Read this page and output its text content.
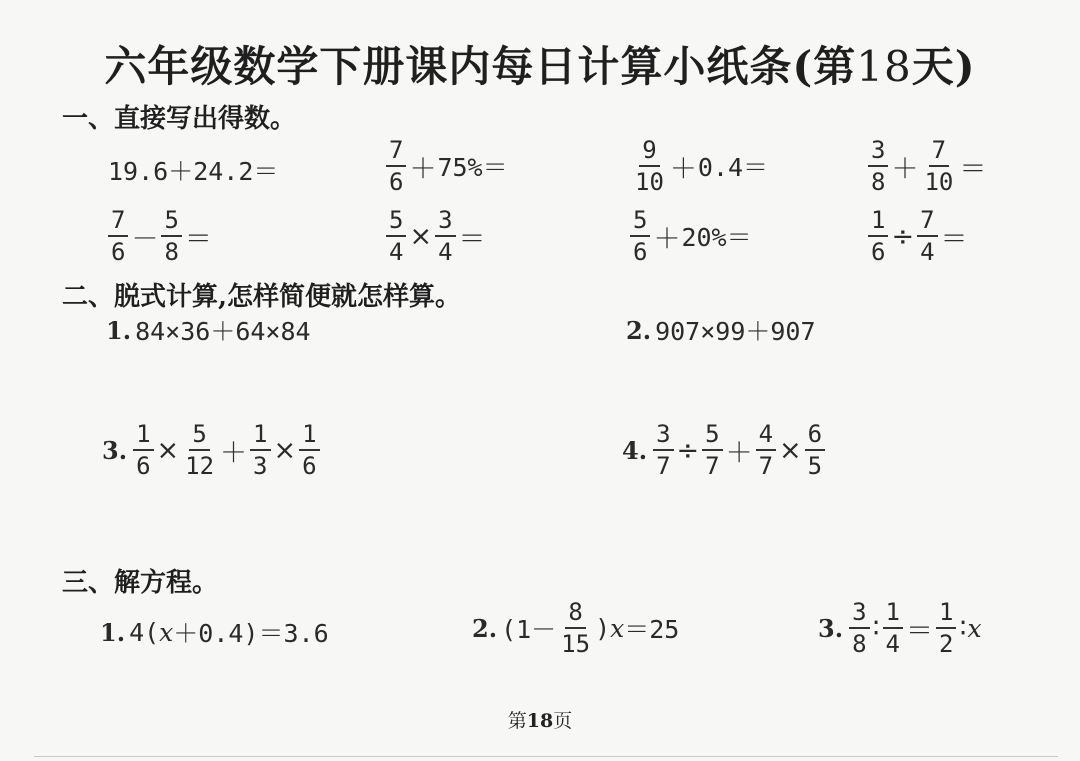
六年级数学下册课内每日计算小纸条(第18天)
一、直接写出得数。
19.6＋24.2＝	$\frac{7}{6} + 75\%=$	$\frac{9}{10} + 0.4=$	$\frac{3}{8} + \frac{7}{10}$ ＝
$\frac{7}{6} - \frac{5}{8}$ ＝	$\frac{5}{4} \times \frac{3}{4}$ ＝	$\frac{5}{6} + 20\%=$	$\frac{1}{6} \div \frac{7}{4}$ ＝
二、脱式计算,怎样简便就怎样算。
1. 84×36＋64×84	2. 907×99＋907
3. $\frac{1}{6} \times \frac{5}{12} + \frac{1}{3} \times \frac{1}{6}$	4. $\frac{3}{7} \div \frac{5}{7} + \frac{4}{7} \times \frac{6}{5}$
三、解方程。
1. 4( x ＋0.4)＝3.6	2. ($1- \frac{8}{15}$ ) x ＝25	3. $\frac{3}{8}$ ∶ $\frac{1}{4} = \frac{1}{2}$ ∶ x
第18页
